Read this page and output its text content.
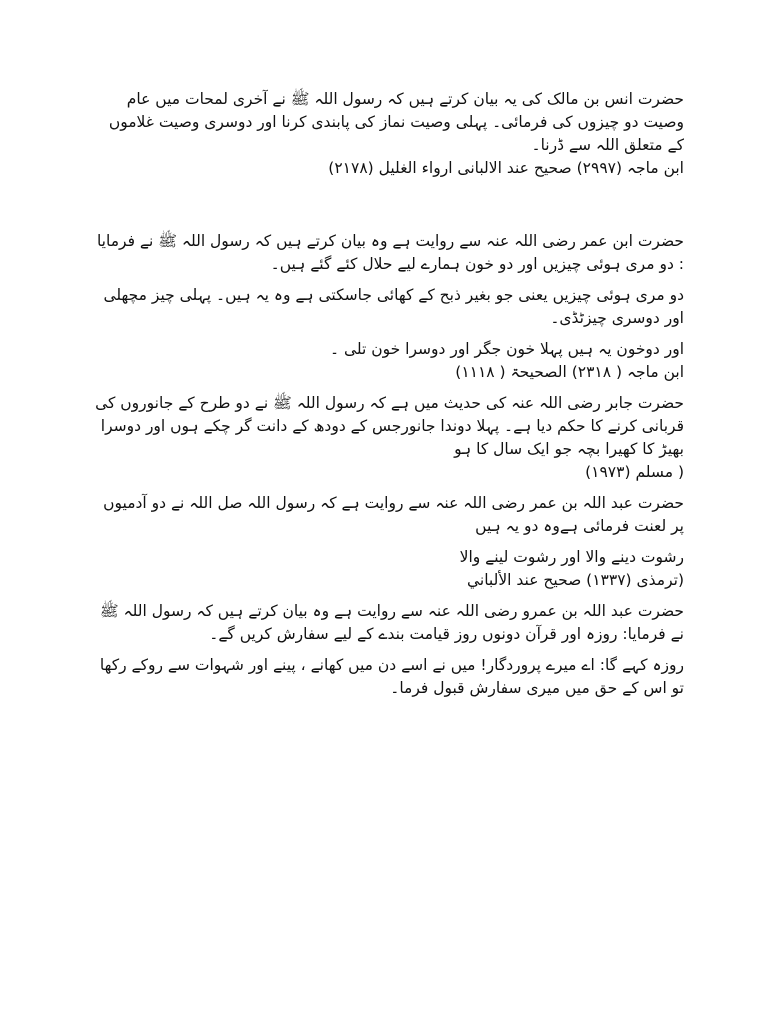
حضرت انس بن مالک کی یہ بیان کرتے ہیں کہ رسول اللہ ﷺ نے آخری لمحات میں عام وصیت دو چیزوں کی فرمائی۔ پہلی وصیت نماز کی پابندی کرنا اور دوسری وصیت غلاموں کے متعلق اللہ سے ڈرنا۔

ابن ماجہ (۲۹۹۷) صحیح عند الالبانی ارواء الغلیل (۲۱۷۸)

حضرت ابن عمر رضی اللہ عنہ سے روایت ہے وہ بیان کرتے ہیں کہ رسول اللہ ﷺ نے فرمایا : دو مری ہوئی چیزیں اور دو خون ہمارے لیے حلال کئے گئے ہیں۔

دو مری ہوئی چیزیں یعنی جو بغیر ذبح کے کھائی جاسکتی ہے وہ یہ ہیں۔ پہلی چیز مچھلی اور دوسری چیزٹڈی۔

اور دوخون یہ ہیں پہلا خون جگر اور دوسرا خون تلی ۔

ابن ماجہ ( ۲۳۱۸) الصحیحۃ ( ۱۱۱۸)

حضرت جابر رضی اللہ عنہ کی حدیث میں ہے کہ رسول اللہ ﷺ نے دو طرح کے جانوروں کی قربانی کرنے کا حکم دیا ہے۔ پہلا دوندا جانورجس کے دودھ کے دانت گر چکے ہوں اور دوسرا بھیڑ کا کھیرا بچہ جو ایک سال کا ہو

( مسلم (۱۹۷۳)

حضرت عبد اللہ بن عمر رضی اللہ عنہ سے روایت ہے کہ رسول اللہ صل اللہ نے دو آدمیوں پر لعنت فرمائی ہےوہ دو یہ ہیں

رشوت دینے والا اور رشوت لینے والا

(ترمذی (۱۳۳۷) صحيح عند الألباني

حضرت عبد اللہ بن عمرو رضی اللہ عنہ سے روایت ہے وہ بیان کرتے ہیں کہ رسول اللہ ﷺ نے فرمایا: روزہ اور قرآن دونوں روز قیامت بندے کے لیے سفارش کریں گے۔

روزہ کہے گا: اے میرے پروردگار! میں نے اسے دن میں کھانے ، پینے اور شہوات سے روکے رکھا تو اس کے حق میں میری سفارش قبول فرما۔
